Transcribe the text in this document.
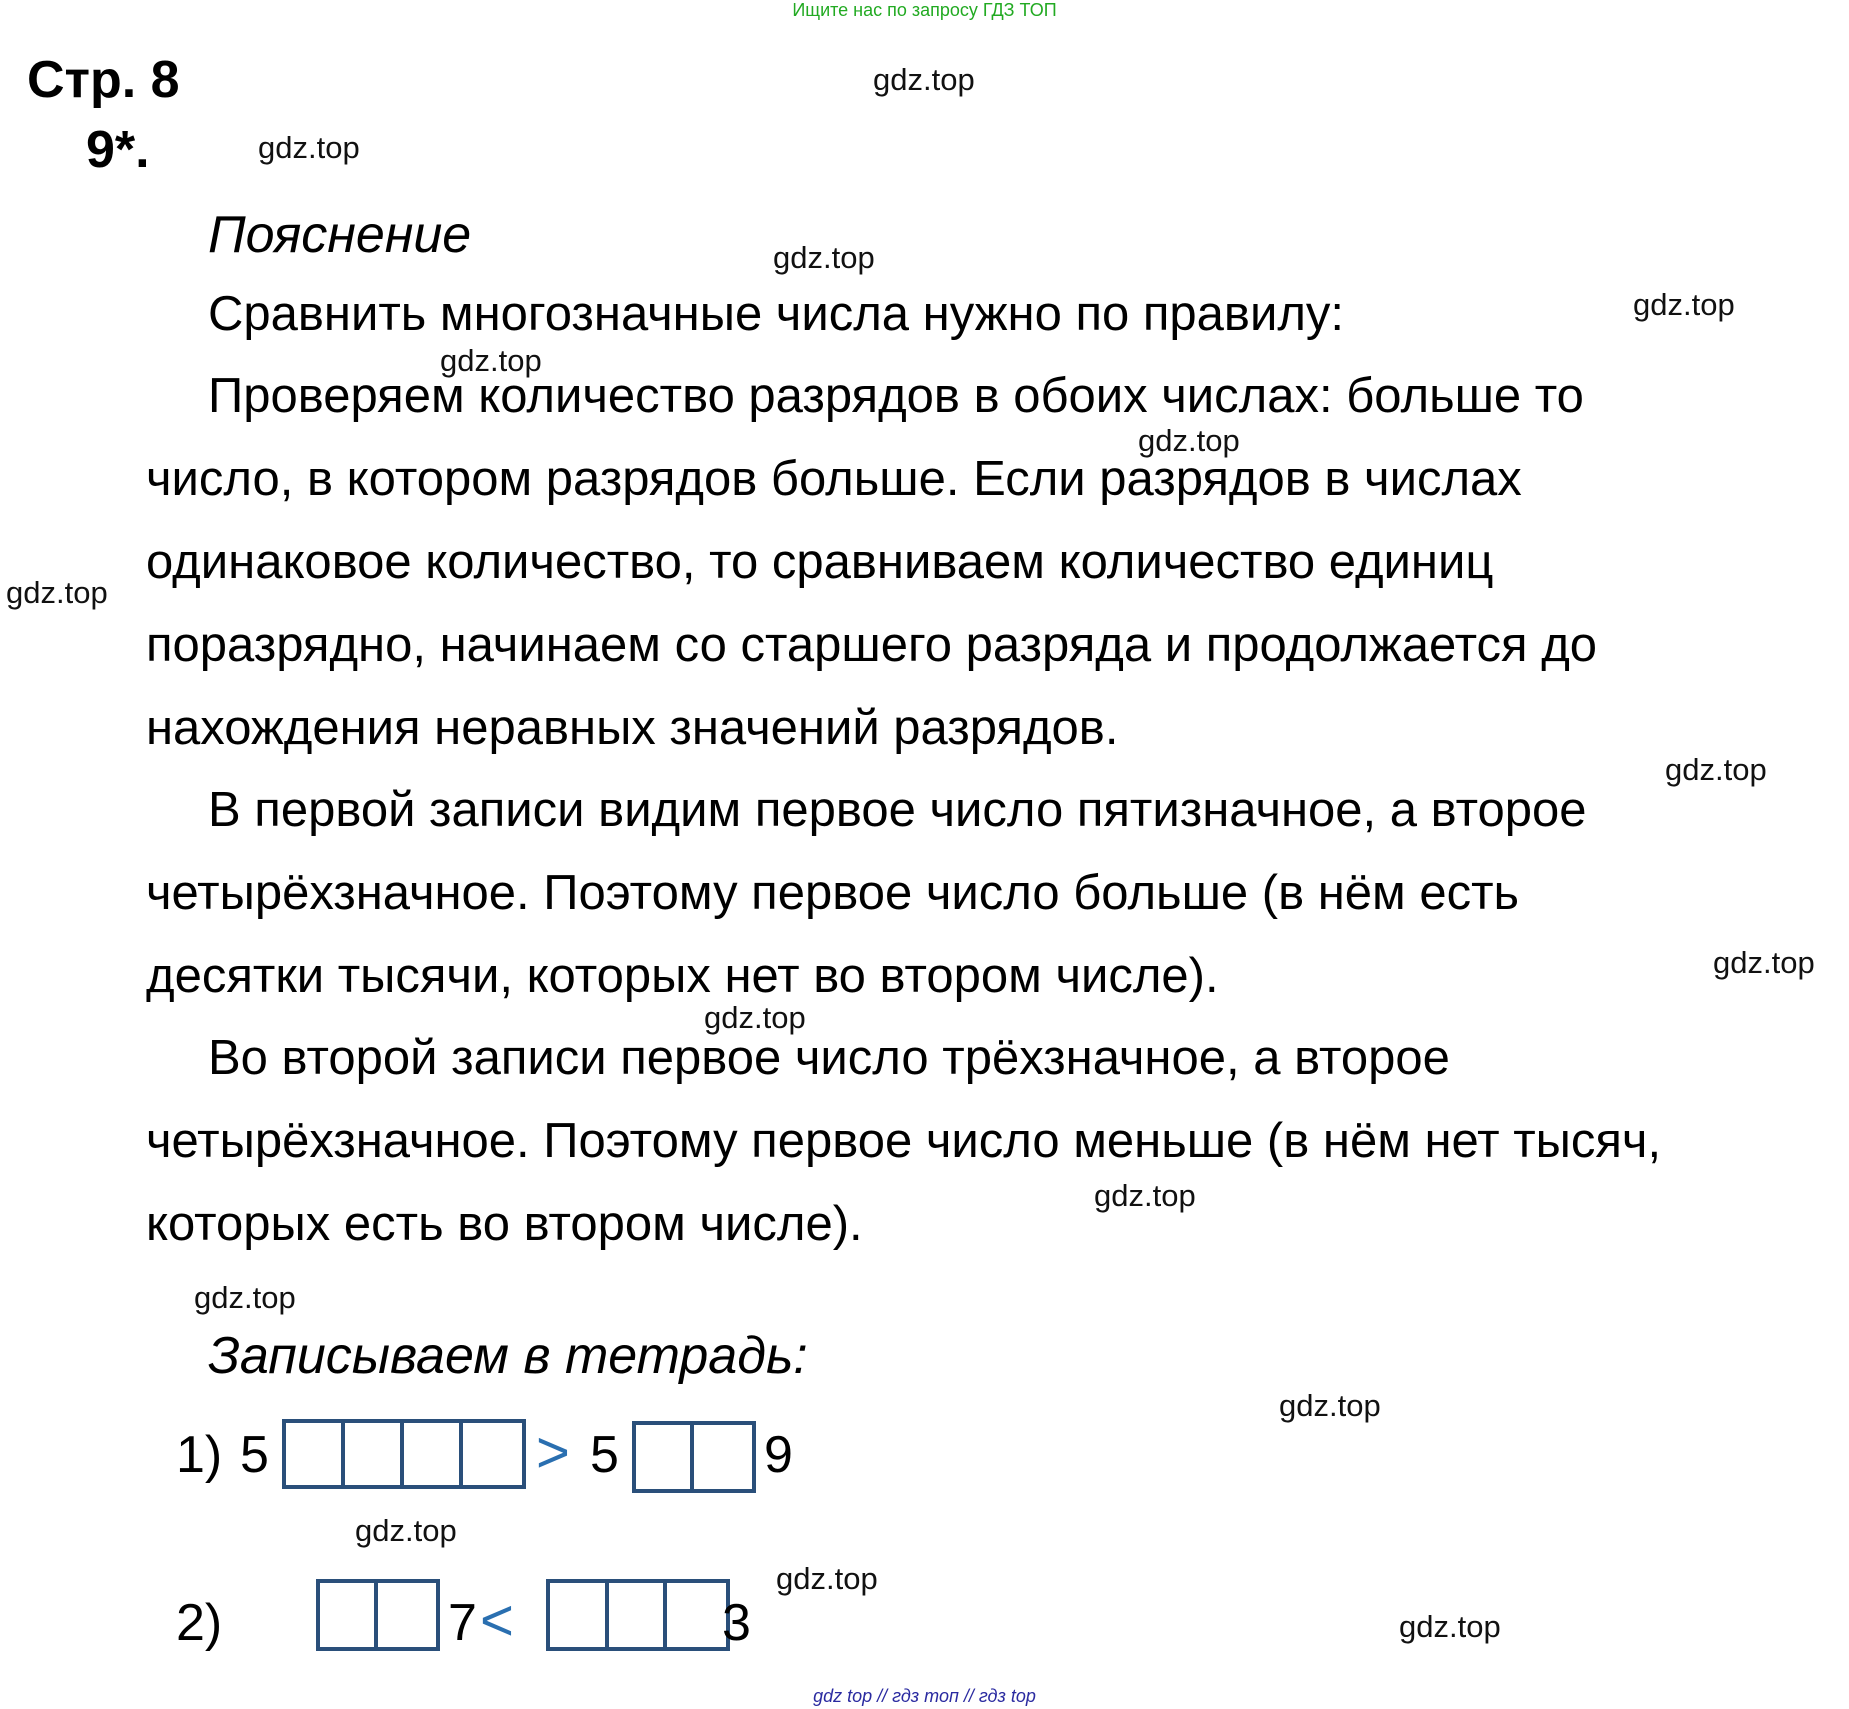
Ищите нас по запросу ГДЗ ТОП
Стр. 8
9*.
Пояснение
Сравнить многозначные числа нужно по правилу:
Проверяем количество разрядов в обоих числах: больше то
число, в котором разрядов больше. Если разрядов в числах
одинаковое количество, то сравниваем количество единиц
поразрядно, начинаем со старшего разряда и продолжается до
нахождения неравных значений разрядов.
В первой записи видим первое число пятизначное, а второе
четырёхзначное. Поэтому первое число больше (в нём есть
десятки тысячи, которых нет во втором числе).
Во второй записи первое число трёхзначное, а второе
четырёхзначное. Поэтому первое число меньше (в нём нет тысяч,
которых есть во втором числе).
Записываем в тетрадь:
1) 5	> 5	9
2)	7 <	3
gdz.top
gdz.top
gdz.top
gdz.top
gdz.top
gdz.top
gdz.top
gdz.top
gdz.top
gdz.top
gdz.top
gdz.top
gdz.top
gdz.top
gdz.top
gdz.top
gdz top // гдз топ // гдз top
